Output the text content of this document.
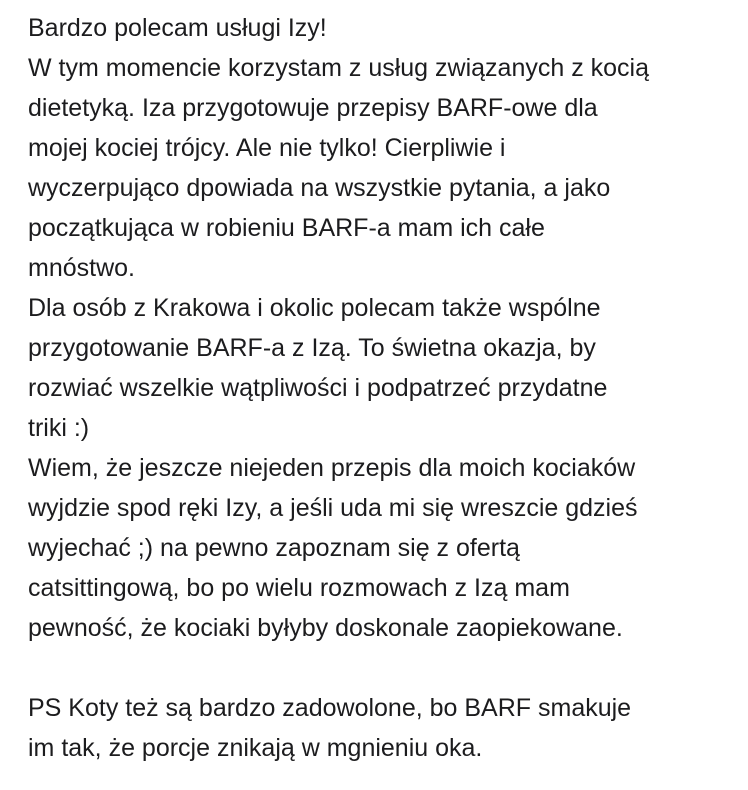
Bardzo polecam usługi Izy!
W tym momencie korzystam z usług związanych z kocią
dietetyką. Iza przygotowuje przepisy BARF-owe dla
mojej kociej trójcy. Ale nie tylko! Cierpliwie i
wyczerpująco dpowiada na wszystkie pytania, a jako
początkująca w robieniu BARF-a mam ich całe
mnóstwo.
Dla osób z Krakowa i okolic polecam także wspólne
przygotowanie BARF-a z Izą. To świetna okazja, by
rozwiać wszelkie wątpliwości i podpatrzeć przydatne
triki :)
Wiem, że jeszcze niejeden przepis dla moich kociaków
wyjdzie spod ręki Izy, a jeśli uda mi się wreszcie gdzieś
wyjechać ;) na pewno zapoznam się z ofertą
catsittingową, bo po wielu rozmowach z Izą mam
pewność, że kociaki byłyby doskonale zaopiekowane.
PS Koty też są bardzo zadowolone, bo BARF smakuje
im tak, że porcje znikają w mgnieniu oka.
